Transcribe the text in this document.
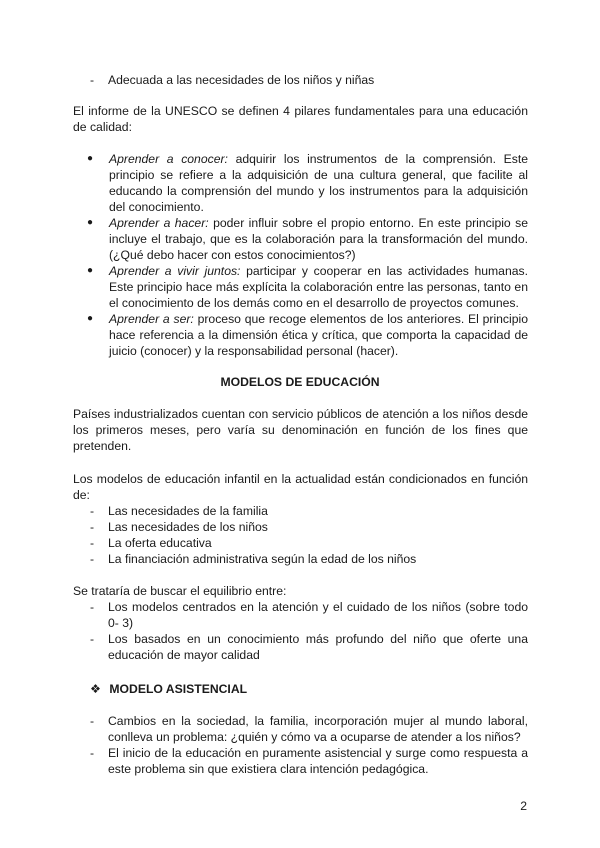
-	Adecuada a las necesidades de los niños y niñas
El informe de la UNESCO se definen 4 pilares fundamentales para una educación de calidad:
● Aprender a conocer: adquirir los instrumentos de la comprensión. Este principio se refiere a la adquisición de una cultura general, que facilite al educando la comprensión del mundo y los instrumentos para la adquisición del conocimiento.
● Aprender a hacer: poder influir sobre el propio entorno. En este principio se incluye el trabajo, que es la colaboración para la transformación del mundo. (¿Qué debo hacer con estos conocimientos?)
● Aprender a vivir juntos: participar y cooperar en las actividades humanas. Este principio hace más explícita la colaboración entre las personas, tanto en el conocimiento de los demás como en el desarrollo de proyectos comunes.
● Aprender a ser: proceso que recoge elementos de los anteriores. El principio hace referencia a la dimensión ética y crítica, que comporta la capacidad de juicio (conocer) y la responsabilidad personal (hacer).
MODELOS DE EDUCACIÓN
Países industrializados cuentan con servicio públicos de atención a los niños desde los primeros meses, pero varía su denominación en función de los fines que pretenden.
Los modelos de educación infantil en la actualidad están condicionados en función de:
-	Las necesidades de la familia
-	Las necesidades de los niños
-	La oferta educativa
-	La financiación administrativa según la edad de los niños
Se trataría de buscar el equilibrio entre:
-	Los modelos centrados en la atención y el cuidado de los niños (sobre todo 0- 3)
-	Los basados en un conocimiento más profundo del niño que oferte una educación de mayor calidad
❖ MODELO ASISTENCIAL
-	Cambios en la sociedad, la familia, incorporación mujer al mundo laboral, conlleva un problema: ¿quién y cómo va a ocuparse de atender a los niños?
-	El inicio de la educación en puramente asistencial y surge como respuesta a este problema sin que existiera clara intención pedagógica.
2
